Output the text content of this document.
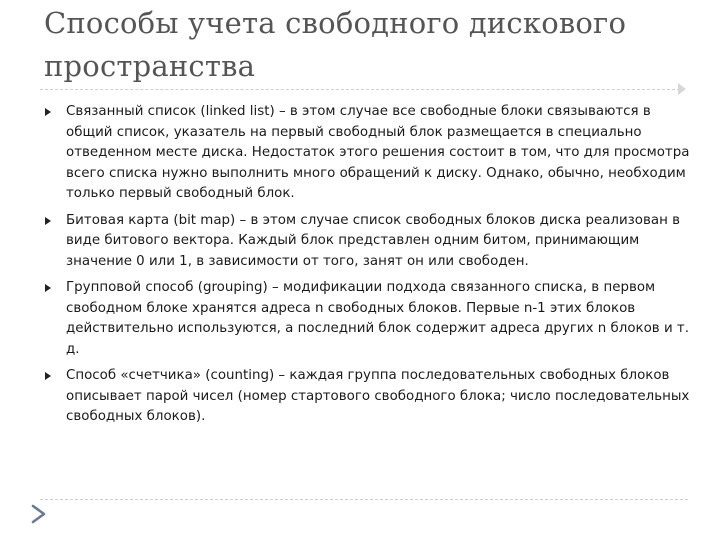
Способы учета свободного дискового пространства
Связанный список (linked list) – в этом случае все свободные блоки связываются в общий список, указатель на первый свободный блок размещается в специально отведенном месте диска. Недостаток этого решения состоит в том, что для просмотра всего списка нужно выполнить много обращений к диску. Однако, обычно, необходим только первый свободный блок.
Битовая карта (bit map) – в этом случае список свободных блоков диска реализован в виде битового вектора. Каждый блок представлен одним битом, принимающим значение 0 или 1, в зависимости от того, занят он или свободен.
Групповой способ (grouping) – модификации подхода связанного списка, в первом свободном блоке хранятся адреса n свободных блоков. Первые n-1 этих блоков действительно используются, а последний блок содержит адреса других n блоков и т. д.
Способ «счетчика» (counting) – каждая группа последовательных свободных блоков описывает парой чисел (номер стартового свободного блока; число последовательных свободных блоков).
